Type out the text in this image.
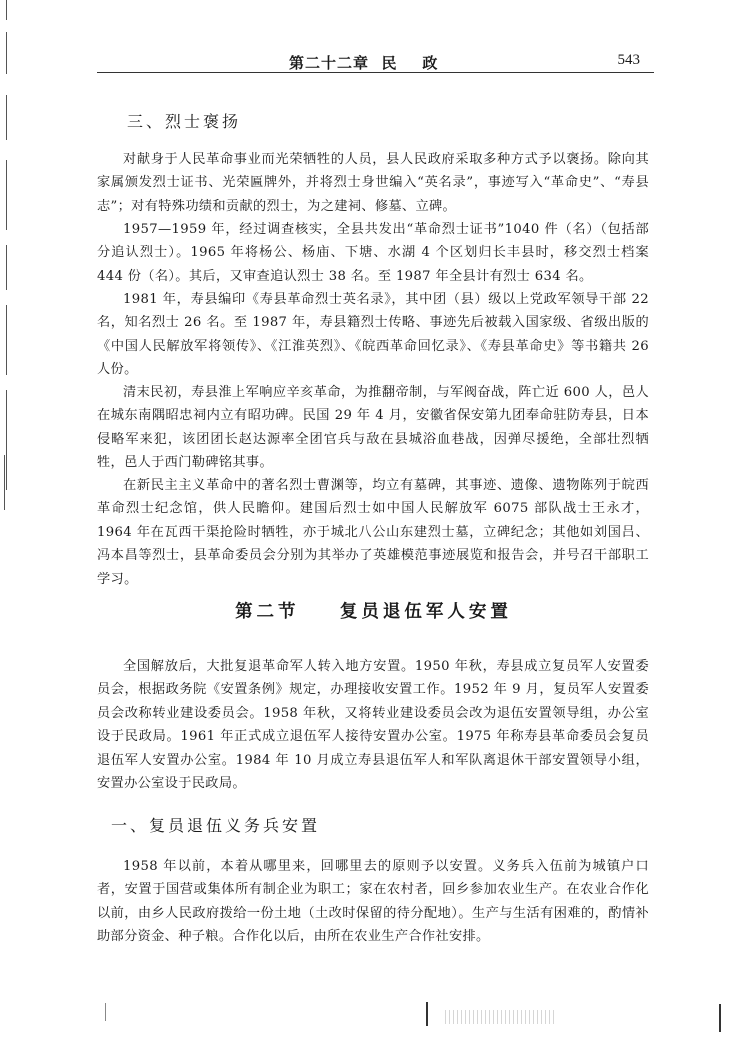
第二十二章  民    政	543
三、烈士褒扬

对献身于人民革命事业而光荣牺牲的人员，县人民政府采取多种方式予以褒扬。除向其家属颁发烈士证书、光荣匾牌外，并将烈士身世编入“英名录”，事迹写入“革命史”、“寿县志”；对有特殊功绩和贡献的烈士，为之建祠、修墓、立碑。

1957—1959 年，经过调查核实，全县共发出“革命烈士证书”1040 件（名）（包括部分追认烈士）。1965 年将杨公、杨庙、下塘、水湖 4 个区划归长丰县时，移交烈士档案 444 份（名）。其后，又审查追认烈士 38 名。至 1987 年全县计有烈士 634 名。

1981 年，寿县编印《寿县革命烈士英名录》，其中团（县）级以上党政军领导干部 22 名，知名烈士 26 名。至 1987 年，寿县籍烈士传略、事迹先后被载入国家级、省级出版的《中国人民解放军将领传》、《江淮英烈》、《皖西革命回忆录》、《寿县革命史》等书籍共 26 人份。

清末民初，寿县淮上军响应辛亥革命，为推翻帝制，与军阀奋战，阵亡近 600 人，邑人在城东南隅昭忠祠内立有昭功碑。民国 29 年 4 月，安徽省保安第九团奉命驻防寿县，日本侵略军来犯，该团团长赵达源率全团官兵与敌在县城浴血巷战，因弹尽援绝，全部壮烈牺牲，邑人于西门勒碑铭其事。

在新民主主义革命中的著名烈士曹渊等，均立有墓碑，其事迹、遗像、遗物陈列于皖西革命烈士纪念馆，供人民瞻仰。建国后烈士如中国人民解放军 6075 部队战士王永才，1964 年在瓦西干渠抢险时牺牲，亦于城北八公山东建烈士墓，立碑纪念；其他如刘国吕、冯本昌等烈士，县革命委员会分别为其举办了英雄模范事迹展览和报告会，并号召干部职工学习。

第二节    复员退伍军人安置

全国解放后，大批复退革命军人转入地方安置。1950 年秋，寿县成立复员军人安置委员会，根据政务院《安置条例》规定，办理接收安置工作。1952 年 9 月，复员军人安置委员会改称转业建设委员会。1958 年秋，又将转业建设委员会改为退伍安置领导组，办公室设于民政局。1961 年正式成立退伍军人接待安置办公室。1975 年称寿县革命委员会复员退伍军人安置办公室。1984 年 10 月成立寿县退伍军人和军队离退休干部安置领导小组，安置办公室设于民政局。

一、复员退伍义务兵安置

1958 年以前，本着从哪里来，回哪里去的原则予以安置。义务兵入伍前为城镇户口者，安置于国营或集体所有制企业为职工；家在农村者，回乡参加农业生产。在农业合作化以前，由乡人民政府拨给一份土地（土改时保留的待分配地）。生产与生活有困难的，酌情补助部分资金、种子粮。合作化以后，由所在农业生产合作社安排。
